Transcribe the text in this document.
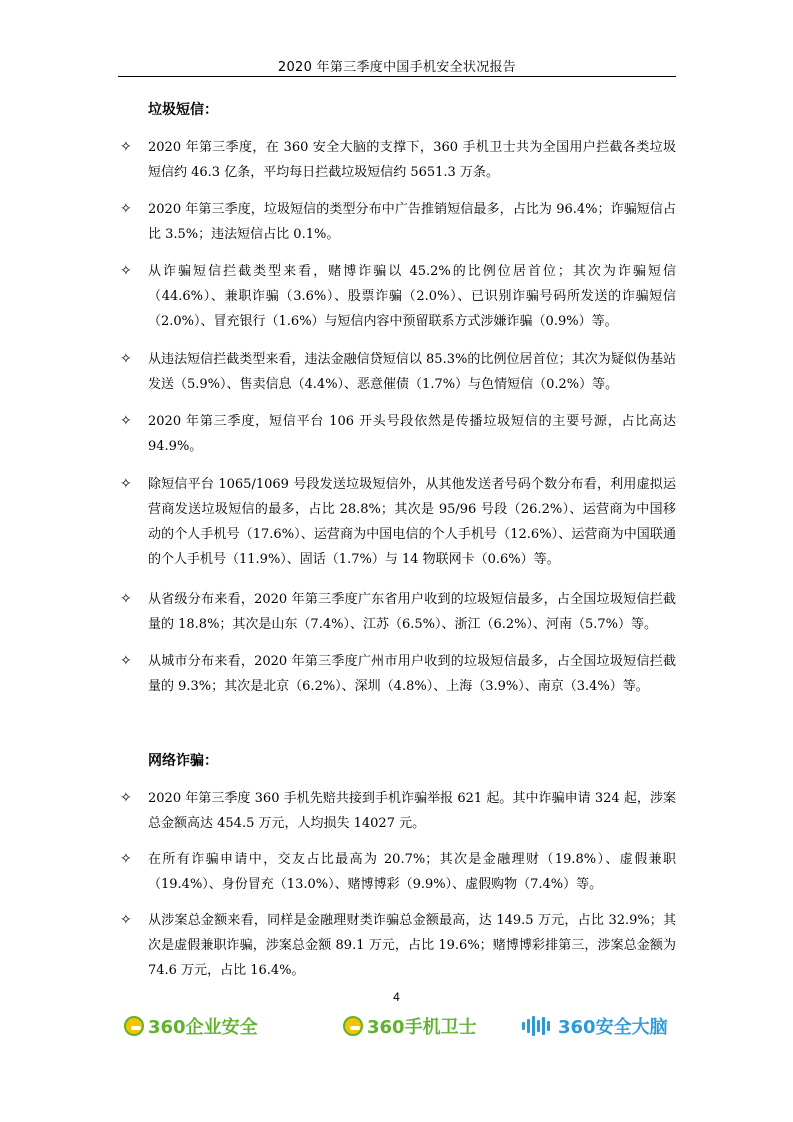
2020 年第三季度中国手机安全状况报告
垃圾短信：
✧ 2020 年第三季度，在 360 安全大脑的支撑下，360 手机卫士共为全国用户拦截各类垃圾短信约 46.3 亿条，平均每日拦截垃圾短信约 5651.3 万条。
✧ 2020 年第三季度，垃圾短信的类型分布中广告推销短信最多，占比为 96.4%；诈骗短信占比 3.5%；违法短信占比 0.1%。
✧ 从诈骗短信拦截类型来看，赌博诈骗以 45.2%的比例位居首位；其次为诈骗短信（44.6%）、兼职诈骗（3.6%）、股票诈骗（2.0%）、已识别诈骗号码所发送的诈骗短信（2.0%）、冒充银行（1.6%）与短信内容中预留联系方式涉嫌诈骗（0.9%）等。
✧ 从违法短信拦截类型来看，违法金融信贷短信以 85.3%的比例位居首位；其次为疑似伪基站发送（5.9%）、售卖信息（4.4%）、恶意催债（1.7%）与色情短信（0.2%）等。
✧ 2020 年第三季度，短信平台 106 开头号段依然是传播垃圾短信的主要号源，占比高达 94.9%。
✧ 除短信平台 1065/1069 号段发送垃圾短信外，从其他发送者号码个数分布看，利用虚拟运营商发送垃圾短信的最多，占比 28.8%；其次是 95/96 号段（26.2%）、运营商为中国移动的个人手机号（17.6%）、运营商为中国电信的个人手机号（12.6%）、运营商为中国联通的个人手机号（11.9%）、固话（1.7%）与 14 物联网卡（0.6%）等。
✧ 从省级分布来看，2020 年第三季度广东省用户收到的垃圾短信最多，占全国垃圾短信拦截量的 18.8%；其次是山东（7.4%）、江苏（6.5%）、浙江（6.2%）、河南（5.7%）等。
✧ 从城市分布来看，2020 年第三季度广州市用户收到的垃圾短信最多，占全国垃圾短信拦截量的 9.3%；其次是北京（6.2%）、深圳（4.8%）、上海（3.9%）、南京（3.4%）等。
网络诈骗：
✧ 2020 年第三季度 360 手机先赔共接到手机诈骗举报 621 起。其中诈骗申请 324 起，涉案总金额高达 454.5 万元，人均损失 14027 元。
✧ 在所有诈骗申请中，交友占比最高为 20.7%；其次是金融理财（19.8%）、虚假兼职（19.4%）、身份冒充（13.0%）、赌博博彩（9.9%）、虚假购物（7.4%）等。
✧ 从涉案总金额来看，同样是金融理财类诈骗总金额最高，达 149.5 万元，占比 32.9%；其次是虚假兼职诈骗，涉案总金额 89.1 万元，占比 19.6%；赌博博彩排第三，涉案总金额为 74.6 万元，占比 16.4%。
4
360企业安全	360手机卫士	360安全大脑
